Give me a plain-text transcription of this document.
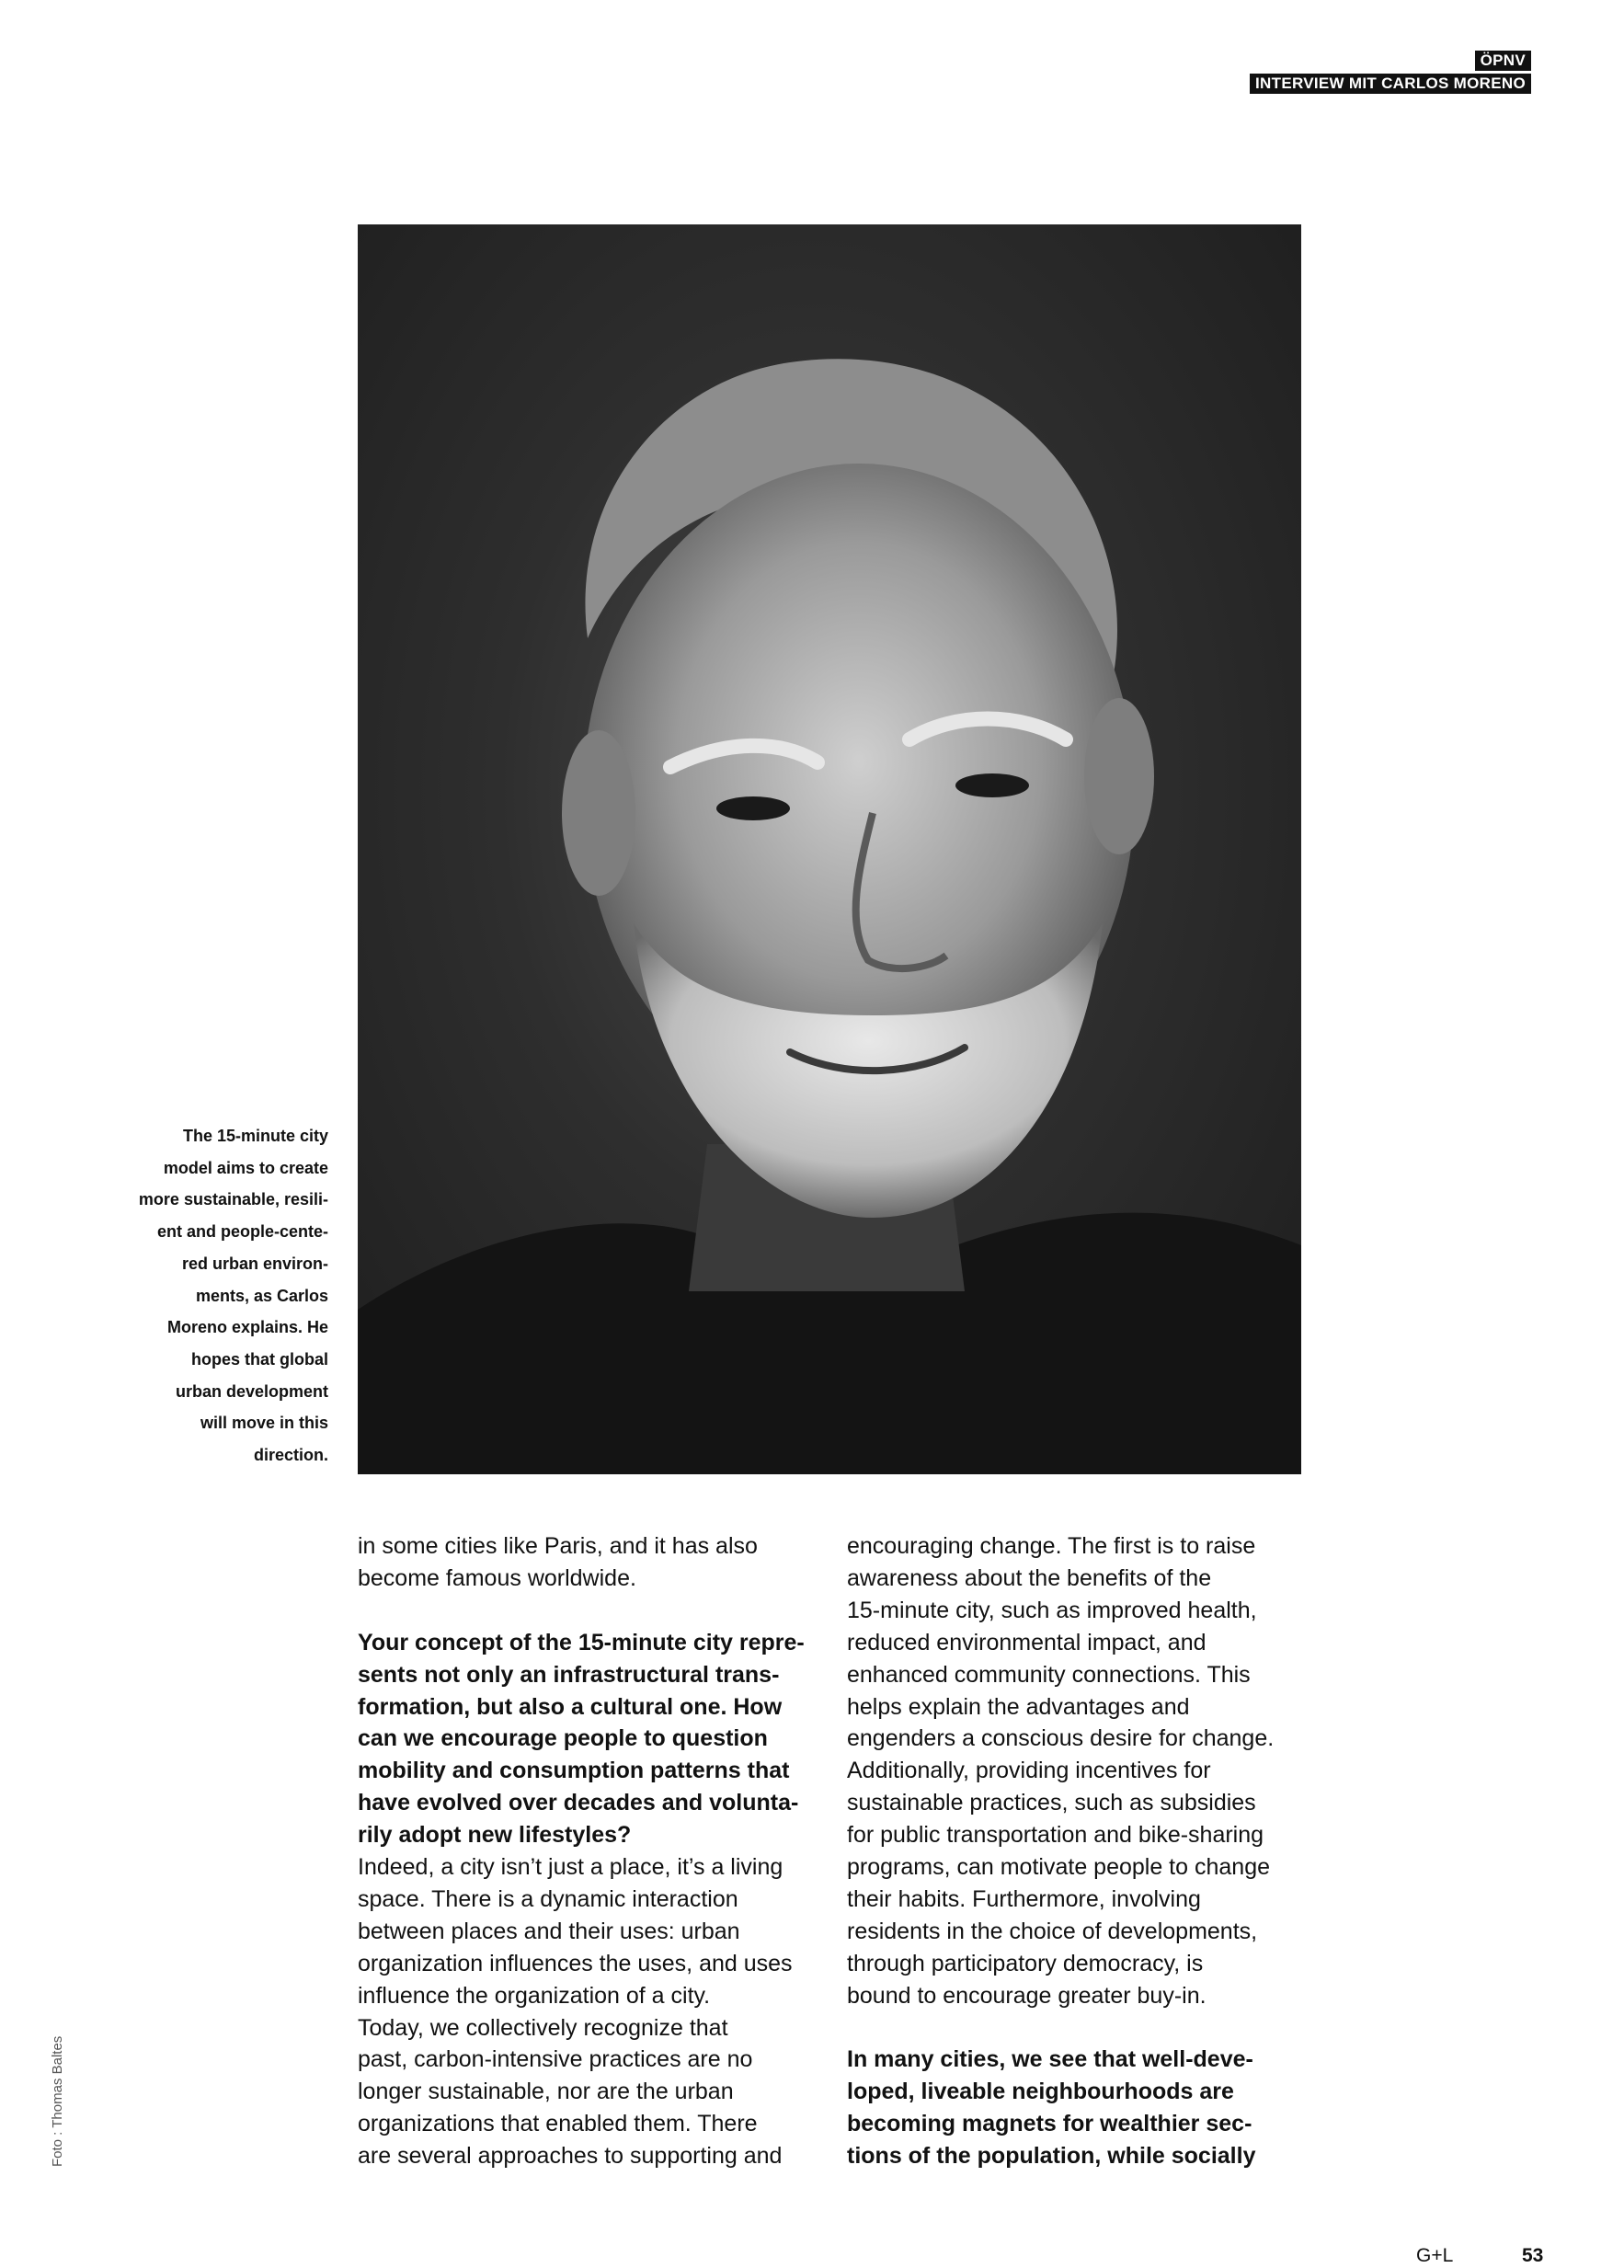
ÖPNV
INTERVIEW MIT CARLOS MORENO
The 15-minute city
model aims to create
more sustainable, resili-
ent and people-cente-
red urban environ-
ments, as Carlos
Moreno explains. He
hopes that global
urban development
will move in this
direction.

in some cities like Paris, and it has also

become famous worldwide.

Your concept of the 15-minute city repre-

sents not only an infrastructural trans-

formation, but also a cultural one. How

can we encourage people to question

mobility and consumption patterns that

have evolved over decades and volunta-

rily adopt new lifestyles?

Indeed, a city isn’t just a place, it’s a living

space. There is a dynamic interaction

between places and their uses: urban

organization influences the uses, and uses

influence the organization of a city.

Today, we collectively recognize that

past, carbon-intensive practices are no

longer sustainable, nor are the urban

organizations that enabled them. There

are several approaches to supporting and

encouraging change. The first is to raise

awareness about the benefits of the

15-minute city, such as improved health,

reduced environmental impact, and

enhanced community connections. This

helps explain the advantages and

engenders a conscious desire for change.

Additionally, providing incentives for

sustainable practices, such as subsidies

for public transportation and bike-sharing

programs, can motivate people to change

their habits. Furthermore, involving

residents in the choice of developments,

through participatory democracy, is

bound to encourage greater buy-in.

In many cities, we see that well-deve-

loped, liveable neighbourhoods are

becoming magnets for wealthier sec-

tions of the population, while socially

Foto : Thomas Baltes
G+L	53
